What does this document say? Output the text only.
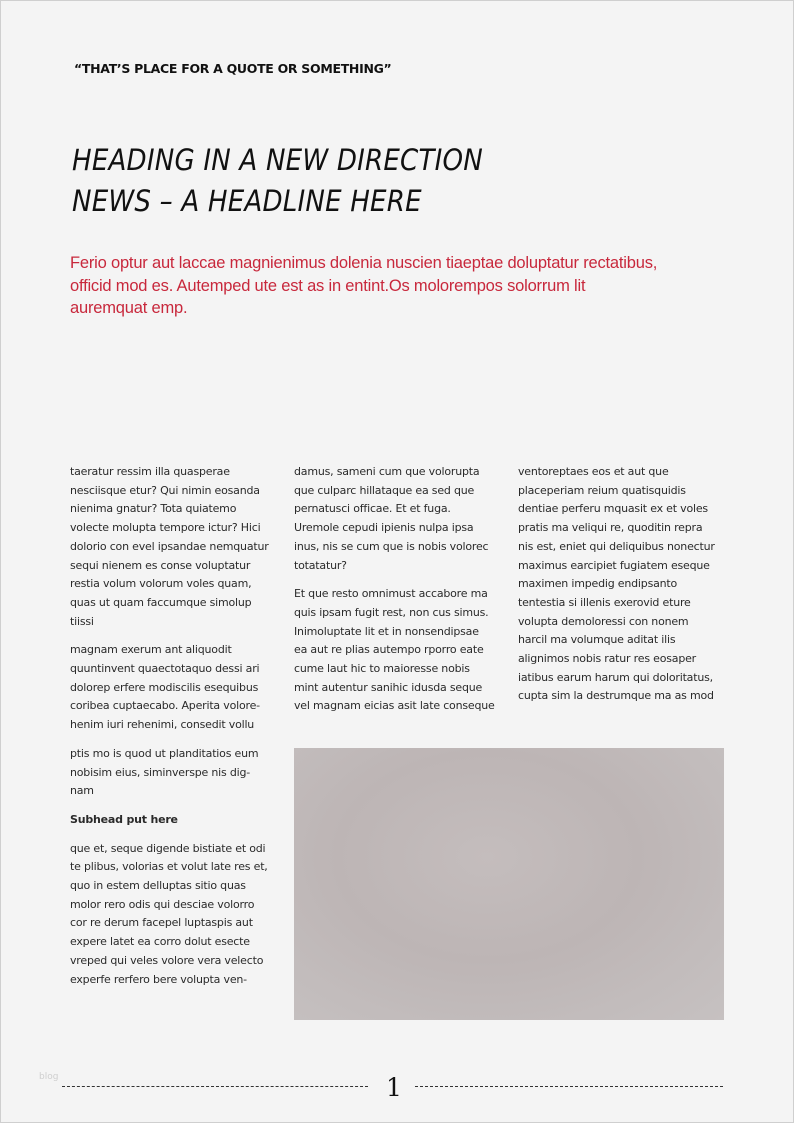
“THAT’S PLACE FOR A QUOTE OR SOMETHING”
HEADING IN A NEW DIRECTION
NEWS – A HEADLINE HERE
Ferio optur aut laccae magnienimus dolenia nuscien tiaeptae doluptatur rectatibus,
officid mod es. Autemped ute est as in entint.Os molorempos solorrum lit
auremquat emp.

taeratur ressim illa quasperae
nesciisque etur? Qui nimin eosanda
nienima gnatur? Tota quiatemo
volecte molupta tempore ictur? Hici
dolorio con evel ipsandae nemquatur
sequi nienem es conse voluptatur
restia volum volorum voles quam,
quas ut quam faccumque simolup
tiissi

magnam exerum ant aliquodit
quuntinvent quaectotaquo dessi ari
dolorep erfere modiscilis esequibus
coribea cuptaecabo. Aperita volore-
henim iuri rehenimi, consedit vollu

ptis mo is quod ut planditatios eum
nobisim eius, siminverspe nis dig-
nam

Subhead put here

que et, seque digende bistiate et odi
te plibus, volorias et volut late res et,
quo in estem delluptas sitio quas
molor rero odis qui desciae volorro
cor re derum facepel luptaspis aut
expere latet ea corro dolut esecte
vreped qui veles volore vera velecto
experfe rerfero bere volupta ven-

damus, sameni cum que volorupta
que culparc hillataque ea sed que
pernatusci officae. Et et fuga.
Uremole cepudi ipienis nulpa ipsa
inus, nis se cum que is nobis volorec
totatatur?

Et que resto omnimust accabore ma
quis ipsam fugit rest, non cus simus.
Inimoluptate lit et in nonsendipsae
ea aut re plias autempo rporro eate
cume laut hic to maioresse nobis
mint autentur sanihic idusda seque
vel magnam eicias asit late conseque

ventoreptaes eos et aut que
placeperiam reium quatisquidis
dentiae perferu mquasit ex et voles
pratis ma veliqui re, quoditin repra
nis est, eniet qui deliquibus nonectur
maximus earcipiet fugiatem eseque
maximen impedig endipsanto
tentestia si illenis exerovid eture
volupta demoloressi con nonem
harcil ma volumque aditat ilis
alignimos nobis ratur res eosaper
iatibus earum harum qui doloritatus,
cupta sim la destrumque ma as mod

blog	1
